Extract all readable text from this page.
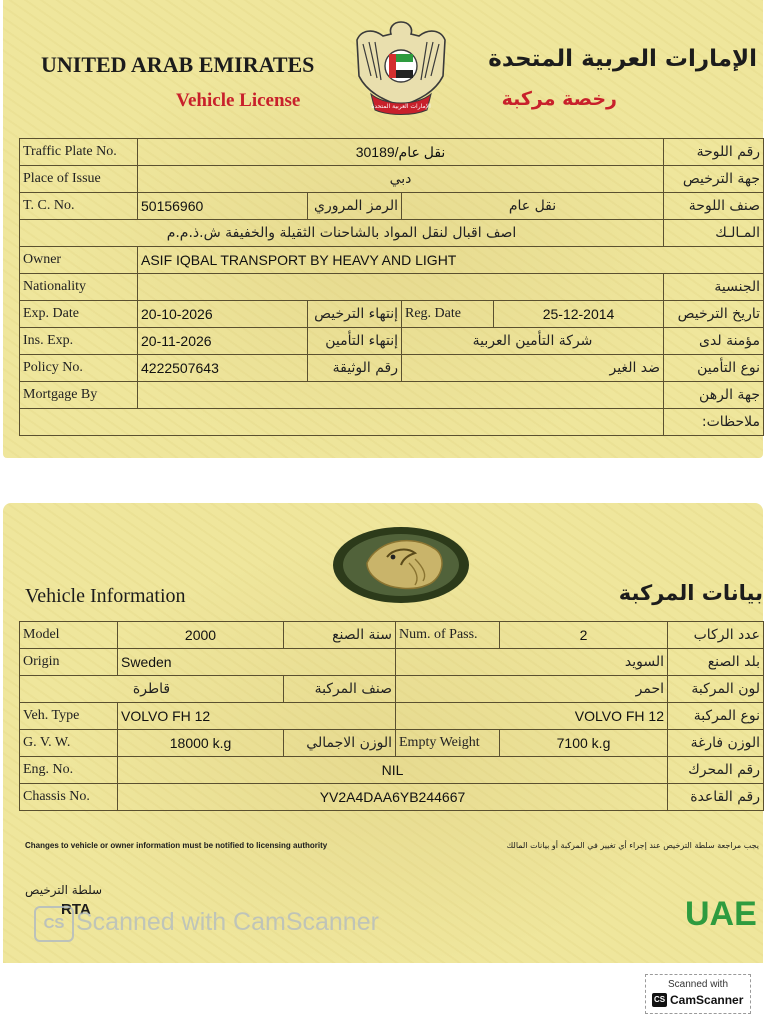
UNITED ARAB EMIRATES
Vehicle License
الإمارات العربية المتحدة
رخصة مركبة
الإمارات العربية المتحدة
Traffic Plate No.	30189/نقل عام				رقم اللوحة
Place of Issue	دبي				جهة الترخيص
T. C. No.	50156960	الرمز المروري	نقل عام		صنف اللوحة
اصف اقبال لنقل المواد بالشاحنات الثقيلة والخفيفة ش.ذ.م.م					المـالـك
Owner	ASIF IQBAL TRANSPORT BY HEAVY AND LIGHT				
Nationality					الجنسية
Exp. Date	20-10-2026	إنتهاء الترخيص	Reg. Date	25-12-2014	تاريخ الترخيص
Ins. Exp.	20-11-2026	إنتهاء التأمين	شركة التأمين العربية		مؤمنة لدى
Policy No.	4222507643	رقم الوثيقة	ضد الغير		نوع التأمين
Mortgage By					جهة الرهن
					ملاحظات:
Vehicle Information	بيانات المركبة
Model	2000	سنة الصنع	Num. of Pass.	2	عدد الركاب
Origin	Sweden		السويد		بلد الصنع
قاطرة		صنف المركبة	احمر		لون المركبة
Veh. Type	VOLVO FH 12		VOLVO FH 12		نوع المركبة
G. V. W.	18000 k.g	الوزن الاجمالي	Empty Weight	7100 k.g	الوزن فارغة
Eng. No.	NIL				رقم المحرك
Chassis No.	YV2A4DAA6YB244667				رقم القاعدة
Changes to vehicle or owner information must be notified to licensing authority	يجب مراجعة سلطة الترخيص عند إجراء أي تغيير في المركبة أو بيانات المالك
سلطة الترخيص
RTA	UAE
CS Scanned with CamScanner
Scanned with
CS CamScanner
